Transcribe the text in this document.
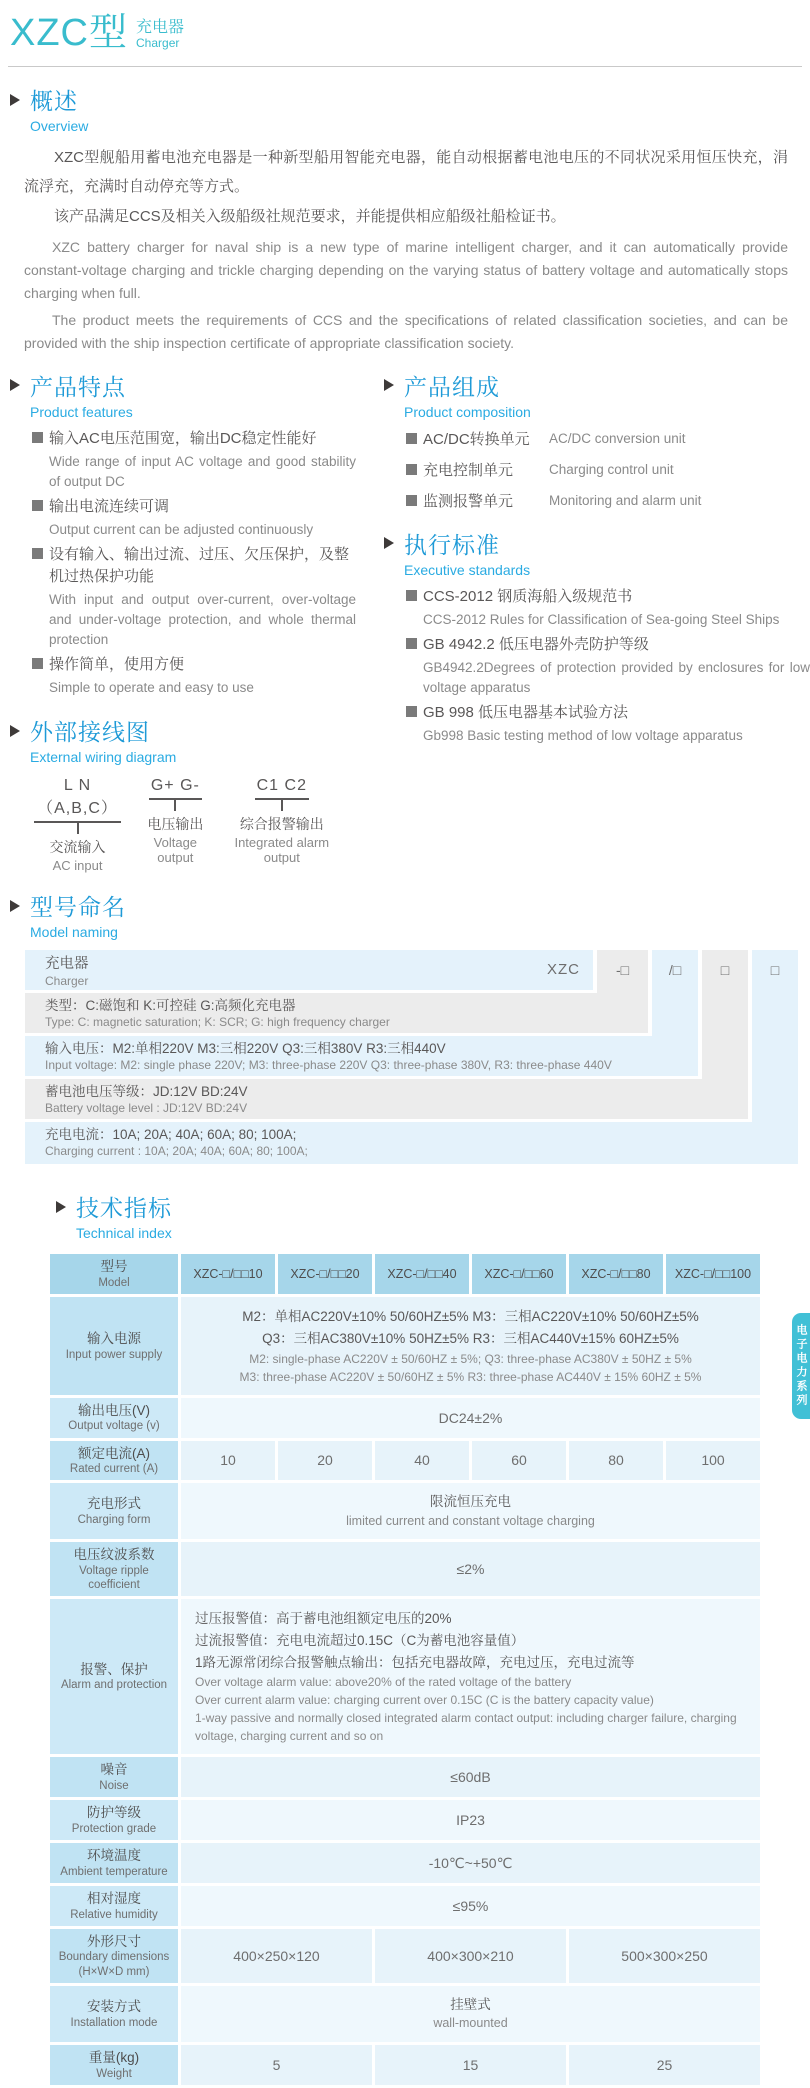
XZC型 充电器
Charger
概述
Overview

XZC型舰船用蓄电池充电器是一种新型船用智能充电器，能自动根据蓄电池电压的不同状况采用恒压快充，涓流浮充，充满时自动停充等方式。

该产品满足CCS及相关入级船级社规范要求，并能提供相应船级社船检证书。

XZC battery charger for naval ship is a new type of marine intelligent charger, and it can automatically provide constant-voltage charging and trickle charging depending on the varying status of battery voltage and automatically stops charging when full.

The product meets the requirements of CCS and the specifications of related classification societies, and can be provided with the ship inspection certificate of appropriate classification society.

产品特点
Product features
输入AC电压范围宽，输出DC稳定性能好
Wide range of input AC voltage and good stability of output DC
输出电流连续可调
Output current can be adjusted continuously
设有输入、输出过流、过压、欠压保护，及整机过热保护功能
With input and output over-current, over-voltage and under-voltage protection, and whole thermal protection
操作简单，使用方便
Simple to operate and easy to use
外部接线图
External wiring diagram
L N（A,B,C）
交流输入
AC input
G+ G-
电压输出
Voltage output
C1 C2
综合报警输出
Integrated alarm output
产品组成
Product composition
AC/DC转换单元	AC/DC conversion unit
充电控制单元	Charging control unit
监测报警单元	Monitoring and alarm unit
执行标准
Executive standards
CCS-2012 钢质海船入级规范书
CCS-2012 Rules for Classification of Sea-going Steel Ships
GB 4942.2 低压电器外壳防护等级
GB4942.2Degrees of protection provided by enclosures for low voltage apparatus
GB 998 低压电器基本试验方法
Gb998 Basic testing method of low voltage apparatus
型号命名
Model naming
充电器
Charger
XZC
类型：C:磁饱和 K:可控硅 G:高频化充电器
Type: C: magnetic saturation; K: SCR; G: high frequency charger
输入电压：M2:单相220V M3:三相220V Q3:三相380V R3:三相440V
Input voltage: M2: single phase 220V; M3: three-phase 220V Q3: three-phase 380V, R3: three-phase 440V
蓄电池电压等级：JD:12V BD:24V
Battery voltage level : JD:12V BD:24V
充电电流：10A; 20A; 40A; 60A; 80; 100A;
Charging current : 10A; 20A; 40A; 60A; 80; 100A;
-□	/□	□	□
技术指标
Technical index
型号
Model	XZC-□/□□10	XZC-□/□□20	XZC-□/□□40	XZC-□/□□60	XZC-□/□□80	XZC-□/□□100

输入电源
Input power supply

M2：单相AC220V±10% 50/60HZ±5% M3：三相AC220V±10% 50/60HZ±5%
Q3：三相AC380V±10% 50HZ±5% R3：三相AC440V±15% 60HZ±5%
M2: single-phase AC220V ± 50/60HZ ± 5%; Q3: three-phase AC380V ± 50HZ ± 5%
M3: three-phase AC220V ± 50/60HZ ± 5% R3: three-phase AC440V ± 15% 60HZ ± 5%

输出电压(V)
Output voltage (v)	DC24±2%					

额定电流(A)
Rated current (A)	10	20	40	60	80	100

充电形式
Charging form

限流恒压充电
limited current and constant voltage charging

电压纹波系数
Voltage ripple coefficient	≤2%					

报警、保护
Alarm and protection

过压报警值：高于蓄电池组额定电压的20%
过流报警值：充电电流超过0.15C（C为蓄电池容量值）
1路无源常闭综合报警触点输出：包括充电器故障，充电过压，充电过流等
Over voltage alarm value: above20% of the rated voltage of the battery
Over current alarm value: charging current over 0.15C (C is the battery capacity value)
1-way passive and normally closed integrated alarm contact output: including charger failure, charging voltage, charging current and so on

噪音
Noise	≤60dB					

防护等级
Protection grade	IP23					

环境温度
Ambient temperature	-10℃~+50℃					

相对湿度
Relative humidity	≤95%					

外形尺寸
Boundary dimensions
(H×W×D mm)	400×250×120		400×300×210		500×300×250	

安装方式
Installation mode

挂壁式
wall-mounted

重量(kg)
Weight	5		15		25	
电子电力系列
